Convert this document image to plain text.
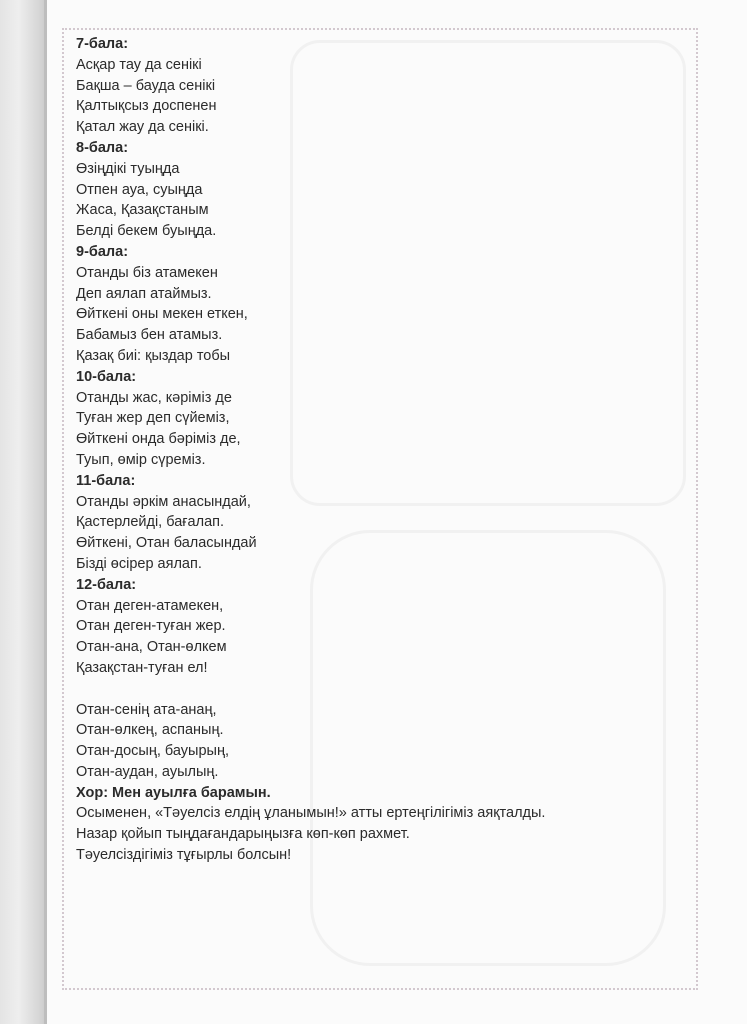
7-бала:
Асқар тау да сенікі
Бақша – бауда сенікі
Қалтықсыз доспенен
Қатал жау да сенікі.
8-бала:
Өзіңдікі туыңда
Отпен ауа, суыңда
Жаса, Қазақстаным
Белді бекем буыңда.
9-бала:
Отанды біз атамекен
Деп аялап атаймыз.
Өйткені оны мекен еткен,
Бабамыз бен атамыз.
Қазақ биі: қыздар тобы
10-бала:
Отанды жас, кәріміз де
Туған жер деп сүйеміз,
Өйткені онда бәріміз де,
Туып, өмір сүреміз.
11-бала:
Отанды әркім анасындай,
Қастерлейді, бағалап.
Өйткені, Отан баласындай
Бізді өсірер аялап.
12-бала:
Отан деген-атамекен,
Отан деген-туған жер.
Отан-ана, Отан-өлкем
Қазақстан-туған ел!
Отан-сенің ата-анаң,
Отан-өлкең, аспаның.
Отан-досың, бауырың,
Отан-аудан, ауылың.
Хор: Мен ауылға барамын.
Осыменен, «Тәуелсіз елдің ұланымын!» атты ертеңгілігіміз аяқталды.
Назар қойып тыңдағандарыңызға көп-көп рахмет.
Тәуелсіздігіміз тұғырлы болсын!
